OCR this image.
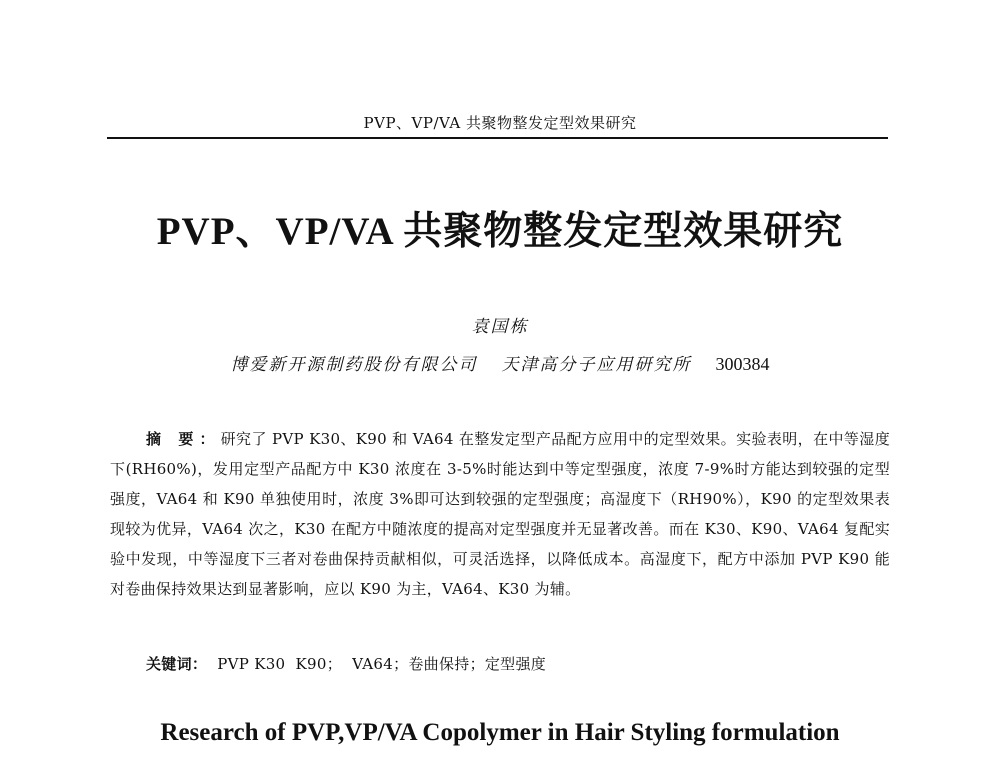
PVP、VP/VA 共聚物整发定型效果研究
PVP、VP/VA 共聚物整发定型效果研究
袁国栋
博爱新开源制药股份有限公司 天津高分子应用研究所 300384

摘 要：研究了 PVP K30、K90 和 VA64 在整发定型产品配方应用中的定型效果。实验表明，在中等湿度下(RH60%)，发用定型产品配方中 K30 浓度在 3-5%时能达到中等定型强度，浓度 7-9%时方能达到较强的定型强度，VA64 和 K90 单独使用时，浓度 3%即可达到较强的定型强度；高湿度下（RH90%），K90 的定型效果表现较为优异，VA64 次之，K30 在配方中随浓度的提高对定型强度并无显著改善。而在 K30、K90、VA64 复配实验中发现，中等湿度下三者对卷曲保持贡献相似，可灵活选择，以降低成本。高湿度下，配方中添加 PVP K90 能对卷曲保持效果达到显著影响，应以 K90 为主，VA64、K30 为辅。

关键词： PVP K30  K90；  VA64；卷曲保持；定型强度
Research of PVP,VP/VA Copolymer in Hair Styling formulation
